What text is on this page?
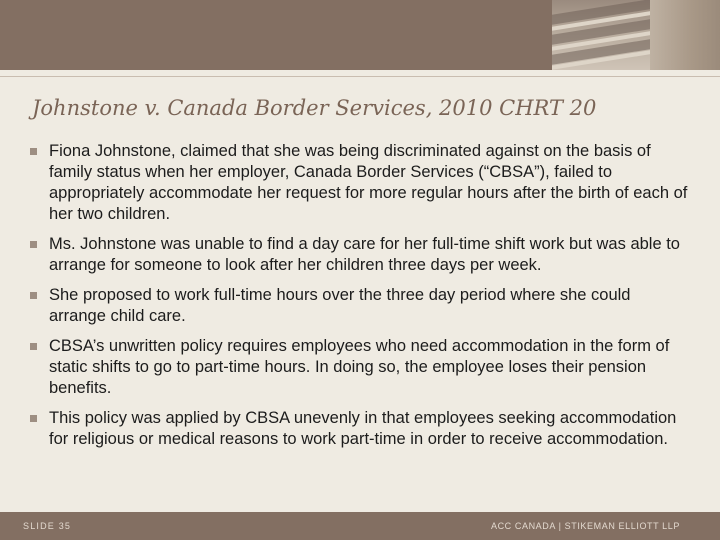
Johnstone v. Canada Border Services, 2010 CHRT 20
Fiona Johnstone, claimed that she was being discriminated against on the basis of family status when her employer, Canada Border Services (“CBSA”), failed to appropriately accommodate her request for more regular hours after the birth of each of her two children.
Ms. Johnstone was unable to find a day care for her full-time shift work but was able to arrange for someone to look after her children three days per week.
She proposed to work full-time hours over the three day period where she could arrange child care.
CBSA’s unwritten policy requires employees who need accommodation in the form of static shifts to go to part-time hours. In doing so, the employee loses their pension benefits.
This policy was applied by CBSA unevenly in that employees seeking accommodation for religious or medical reasons to work part-time in order to receive accommodation.
SLIDE 35	ACC CANADA | STIKEMAN ELLIOTT LLP
